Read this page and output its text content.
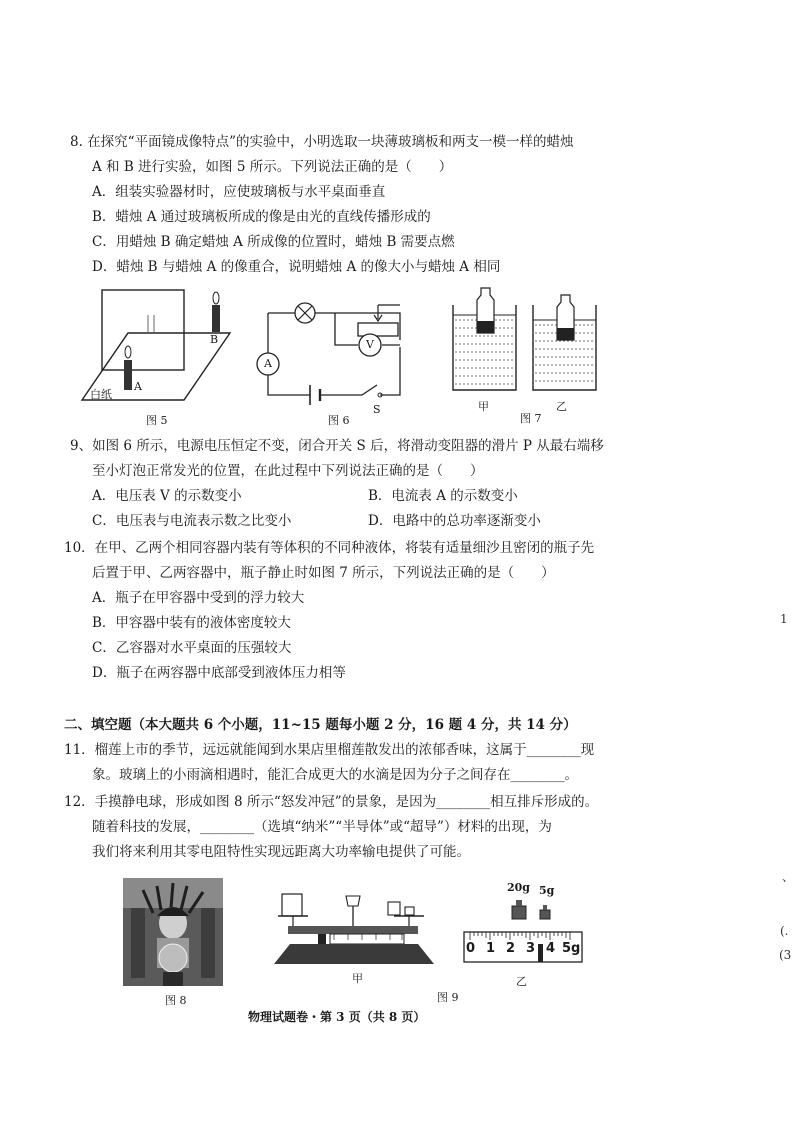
8. 在探究“平面镜成像特点”的实验中，小明选取一块薄玻璃板和两支一模一样的蜡烛
A 和 B 进行实验，如图 5 所示。下列说法正确的是（　　）
A．组装实验器材时，应使玻璃板与水平桌面垂直
B．蜡烛 A 通过玻璃板所成的像是由光的直线传播形成的
C．用蜡烛 B 确定蜡烛 A 所成像的位置时，蜡烛 B 需要点燃
D．蜡烛 B 与蜡烛 A 的像重合，说明蜡烛 A 的像大小与蜡烛 A 相同
B
A
白纸
图 5
A
V
S
图 6
甲	乙
图 7
9、如图 6 所示，电源电压恒定不变，闭合开关 S 后，将滑动变阻器的滑片 P 从最右端移
至小灯泡正常发光的位置，在此过程中下列说法正确的是（　　）
A．电压表 V 的示数变小	B．电流表 A 的示数变小
C．电压表与电流表示数之比变小	D．电路中的总功率逐渐变小
10．在甲、乙两个相同容器内装有等体积的不同种液体，将装有适量细沙且密闭的瓶子先
后置于甲、乙两容器中，瓶子静止时如图 7 所示，下列说法正确的是（　　）
A．瓶子在甲容器中受到的浮力较大
B．甲容器中装有的液体密度较大
C．乙容器对水平桌面的压强较大
D．瓶子在两容器中底部受到液体压力相等
二、填空题（本大题共 6 个小题，11~15 题每小题 2 分，16 题 4 分，共 14 分）
11．榴莲上市的季节，远远就能闻到水果店里榴莲散发出的浓郁香味，这属于________现
象。玻璃上的小雨滴相遇时，能汇合成更大的水滴是因为分子之间存在________。
12．手摸静电球，形成如图 8 所示“怒发冲冠”的景象，是因为________相互排斥形成的。
随着科技的发展，________（选填“纳米”“半导体”或“超导”）材料的出现，为
我们将来利用其零电阻特性实现远距离大功率输电提供了可能。
图 8
甲
图 9
20g 5g
0 1 2 3 4 5g
乙
物理试题卷・第 3 页（共 8 页）
1
、
(.
(3
